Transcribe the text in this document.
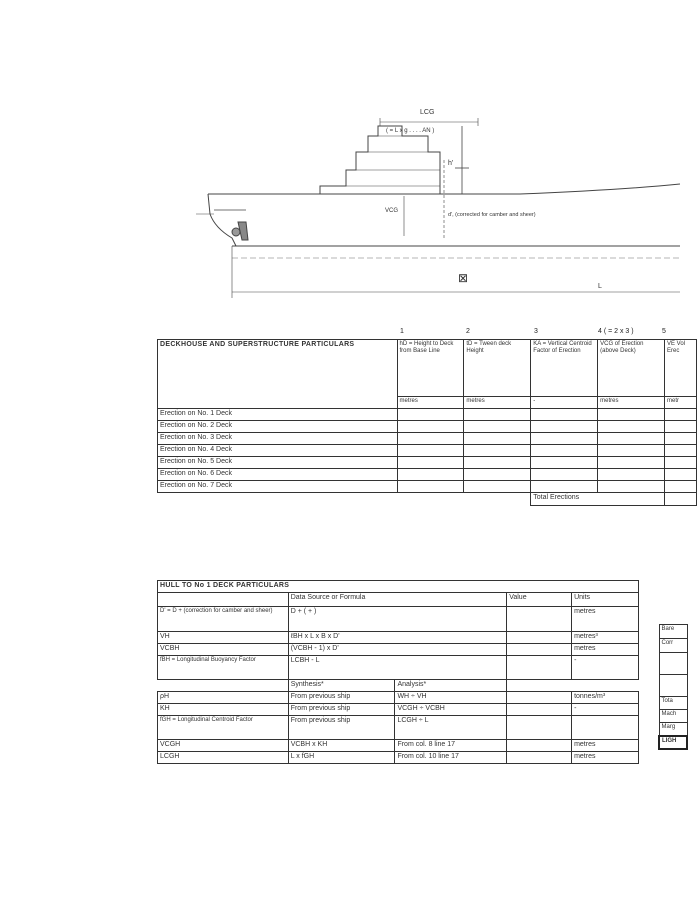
LCG
( = L x g . . . . AN )
h'
VCG
d', (corrected for camber and sheer)
⊠
L
1	2	3	4 ( = 2 x 3 )	5
DECKHOUSE AND SUPERSTRUCTURE PARTICULARS	hD = Height to Deck from Base Line	tD = Tween deck Height	KA = Vertical Centroid Factor of Erection	VCG of Erection (above Deck)	VE Vol Erec
	metres	metres	-	metres	metr
Erection on No. 1 Deck					
Erection on No. 2 Deck					
Erection on No. 3 Deck					
Erection on No. 4 Deck					
Erection on No. 5 Deck					
Erection on No. 6 Deck					
Erection on No. 7 Deck					
			Total Erections		
HULL TO No 1 DECK PARTICULARS				
	Data Source or Formula		Value	Units
D' = D + (correction for camber and sheer)	D + ( + )			metres
VH	ℓBH x L x B x D'			metres³
VCBH	(VCBH - 1) x D'			metres
fBH = Longitudinal Buoyancy Factor	LCBH - L			-
	Synthesis*	Analysis*		
ρH	From previous ship	WH ÷ VH		tonnes/m³
KH	From previous ship	VCGH ÷ VCBH		-
fGH = Longitudinal Centroid Factor	From previous ship	LCGH ÷ L		
VCGH	VCBH x KH	From col. 8 line 17		metres
LCGH	L x fGH	From col. 10 line 17		metres
Bare
Corr

Tota
Mach
Marg
LIGH
